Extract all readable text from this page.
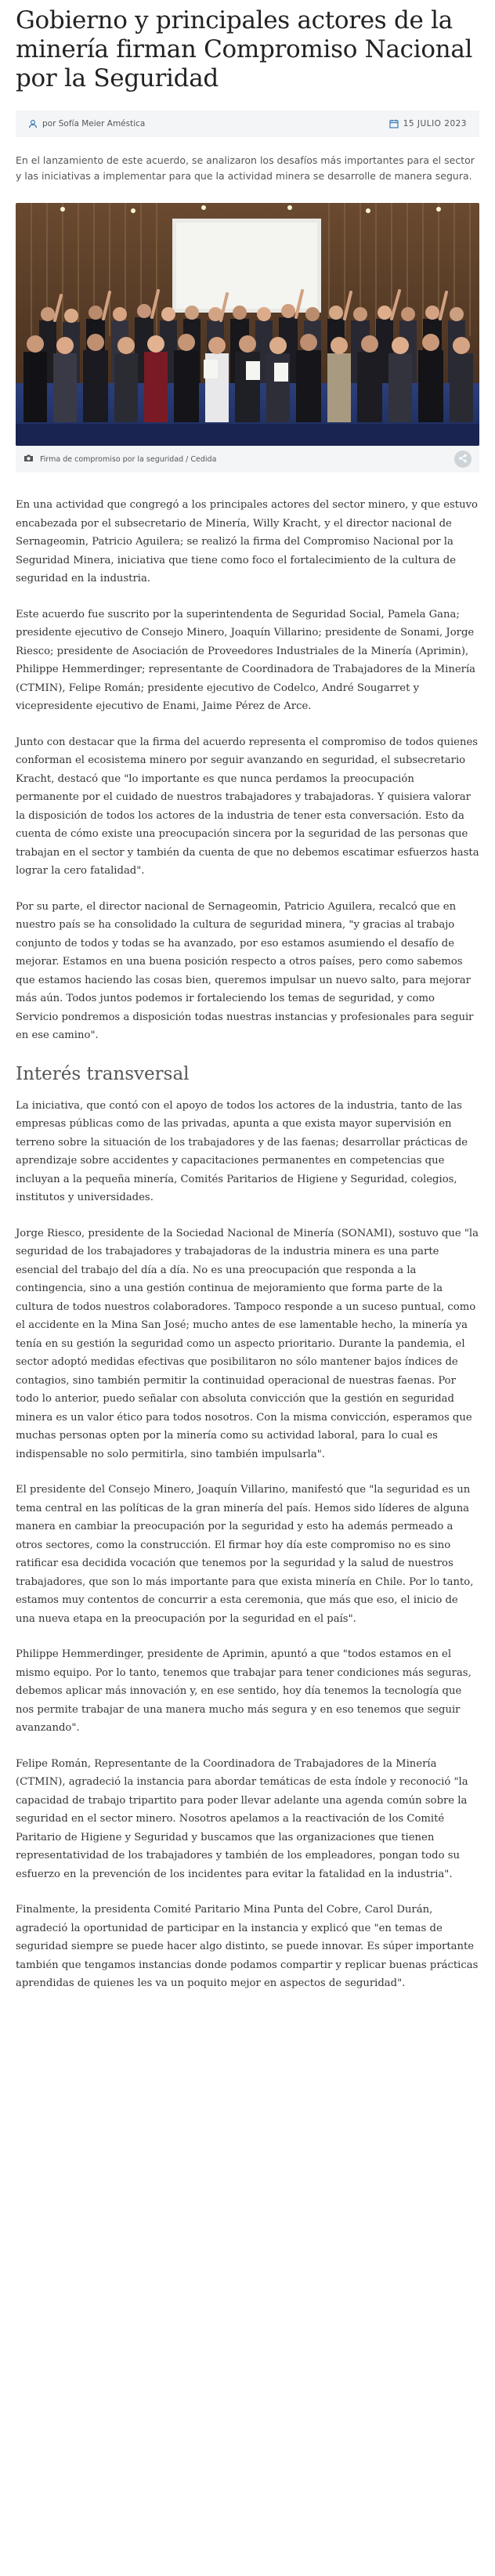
Gobierno y principales actores de la minería firman Compromiso Nacional por la Seguridad
por Sofía Meier Améstica	15 JULIO 2023

En el lanzamiento de este acuerdo, se analizaron los desafíos más importantes para el sector y las iniciativas a implementar para que la actividad minera se desarrolle de manera segura.

Firma de compromiso por la seguridad / Cedida

En una actividad que congregó a los principales actores del sector minero, y que estuvo encabezada por el subsecretario de Minería, Willy Kracht, y el director nacional de Sernageomin, Patricio Aguilera; se realizó la firma del Compromiso Nacional por la Seguridad Minera, iniciativa que tiene como foco el fortalecimiento de la cultura de seguridad en la industria.

Este acuerdo fue suscrito por la superintendenta de Seguridad Social, Pamela Gana; presidente ejecutivo de Consejo Minero, Joaquín Villarino; presidente de Sonami, Jorge Riesco; presidente de Asociación de Proveedores Industriales de la Minería (Aprimin), Philippe Hemmerdinger; representante de Coordinadora de Trabajadores de la Minería (CTMIN), Felipe Román; presidente ejecutivo de Codelco, André Sougarret y vicepresidente ejecutivo de Enami, Jaime Pérez de Arce.

Junto con destacar que la firma del acuerdo representa el compromiso de todos quienes conforman el ecosistema minero por seguir avanzando en seguridad, el subsecretario Kracht, destacó que "lo importante es que nunca perdamos la preocupación permanente por el cuidado de nuestros trabajadores y trabajadoras. Y quisiera valorar la disposición de todos los actores de la industria de tener esta conversación. Esto da cuenta de cómo existe una preocupación sincera por la seguridad de las personas que trabajan en el sector y también da cuenta de que no debemos escatimar esfuerzos hasta lograr la cero fatalidad".

Por su parte, el director nacional de Sernageomin, Patricio Aguilera, recalcó que en nuestro país se ha consolidado la cultura de seguridad minera, "y gracias al trabajo conjunto de todos y todas se ha avanzado, por eso estamos asumiendo el desafío de mejorar. Estamos en una buena posición respecto a otros países, pero como sabemos que estamos haciendo las cosas bien, queremos impulsar un nuevo salto, para mejorar más aún. Todos juntos podemos ir fortaleciendo los temas de seguridad, y como Servicio pondremos a disposición todas nuestras instancias y profesionales para seguir en ese camino".

Interés transversal

La iniciativa, que contó con el apoyo de todos los actores de la industria, tanto de las empresas públicas como de las privadas, apunta a que exista mayor supervisión en terreno sobre la situación de los trabajadores y de las faenas; desarrollar prácticas de aprendizaje sobre accidentes y capacitaciones permanentes en competencias que incluyan a la pequeña minería, Comités Paritarios de Higiene y Seguridad, colegios, institutos y universidades.

Jorge Riesco, presidente de la Sociedad Nacional de Minería (SONAMI), sostuvo que "la seguridad de los trabajadores y trabajadoras de la industria minera es una parte esencial del trabajo del día a día. No es una preocupación que responda a la contingencia, sino a una gestión continua de mejoramiento que forma parte de la cultura de todos nuestros colaboradores. Tampoco responde a un suceso puntual, como el accidente en la Mina San José; mucho antes de ese lamentable hecho, la minería ya tenía en su gestión la seguridad como un aspecto prioritario. Durante la pandemia, el sector adoptó medidas efectivas que posibilitaron no sólo mantener bajos índices de contagios, sino también permitir la continuidad operacional de nuestras faenas. Por todo lo anterior, puedo señalar con absoluta convicción que la gestión en seguridad minera es un valor ético para todos nosotros. Con la misma convicción, esperamos que muchas personas opten por la minería como su actividad laboral, para lo cual es indispensable no solo permitirla, sino también impulsarla".

El presidente del Consejo Minero, Joaquín Villarino, manifestó que "la seguridad es un tema central en las políticas de la gran minería del país. Hemos sido líderes de alguna manera en cambiar la preocupación por la seguridad y esto ha además permeado a otros sectores, como la construcción. El firmar hoy día este compromiso no es sino ratificar esa decidida vocación que tenemos por la seguridad y la salud de nuestros trabajadores, que son lo más importante para que exista minería en Chile. Por lo tanto, estamos muy contentos de concurrir a esta ceremonia, que más que eso, el inicio de una nueva etapa en la preocupación por la seguridad en el país".

Philippe Hemmerdinger, presidente de Aprimin, apuntó a que "todos estamos en el mismo equipo. Por lo tanto, tenemos que trabajar para tener condiciones más seguras, debemos aplicar más innovación y, en ese sentido, hoy día tenemos la tecnología que nos permite trabajar de una manera mucho más segura y en eso tenemos que seguir avanzando".

Felipe Román, Representante de la Coordinadora de Trabajadores de la Minería (CTMIN), agradeció la instancia para abordar temáticas de esta índole y reconoció "la capacidad de trabajo tripartito para poder llevar adelante una agenda común sobre la seguridad en el sector minero. Nosotros apelamos a la reactivación de los Comité Paritario de Higiene y Seguridad y buscamos que las organizaciones que tienen representatividad de los trabajadores y también de los empleadores, pongan todo su esfuerzo en la prevención de los incidentes para evitar la fatalidad en la industria".

Finalmente, la presidenta Comité Paritario Mina Punta del Cobre, Carol Durán, agradeció la oportunidad de participar en la instancia y explicó que "en temas de seguridad siempre se puede hacer algo distinto, se puede innovar. Es súper importante también que tengamos instancias donde podamos compartir y replicar buenas prácticas aprendidas de quienes les va un poquito mejor en aspectos de seguridad".
